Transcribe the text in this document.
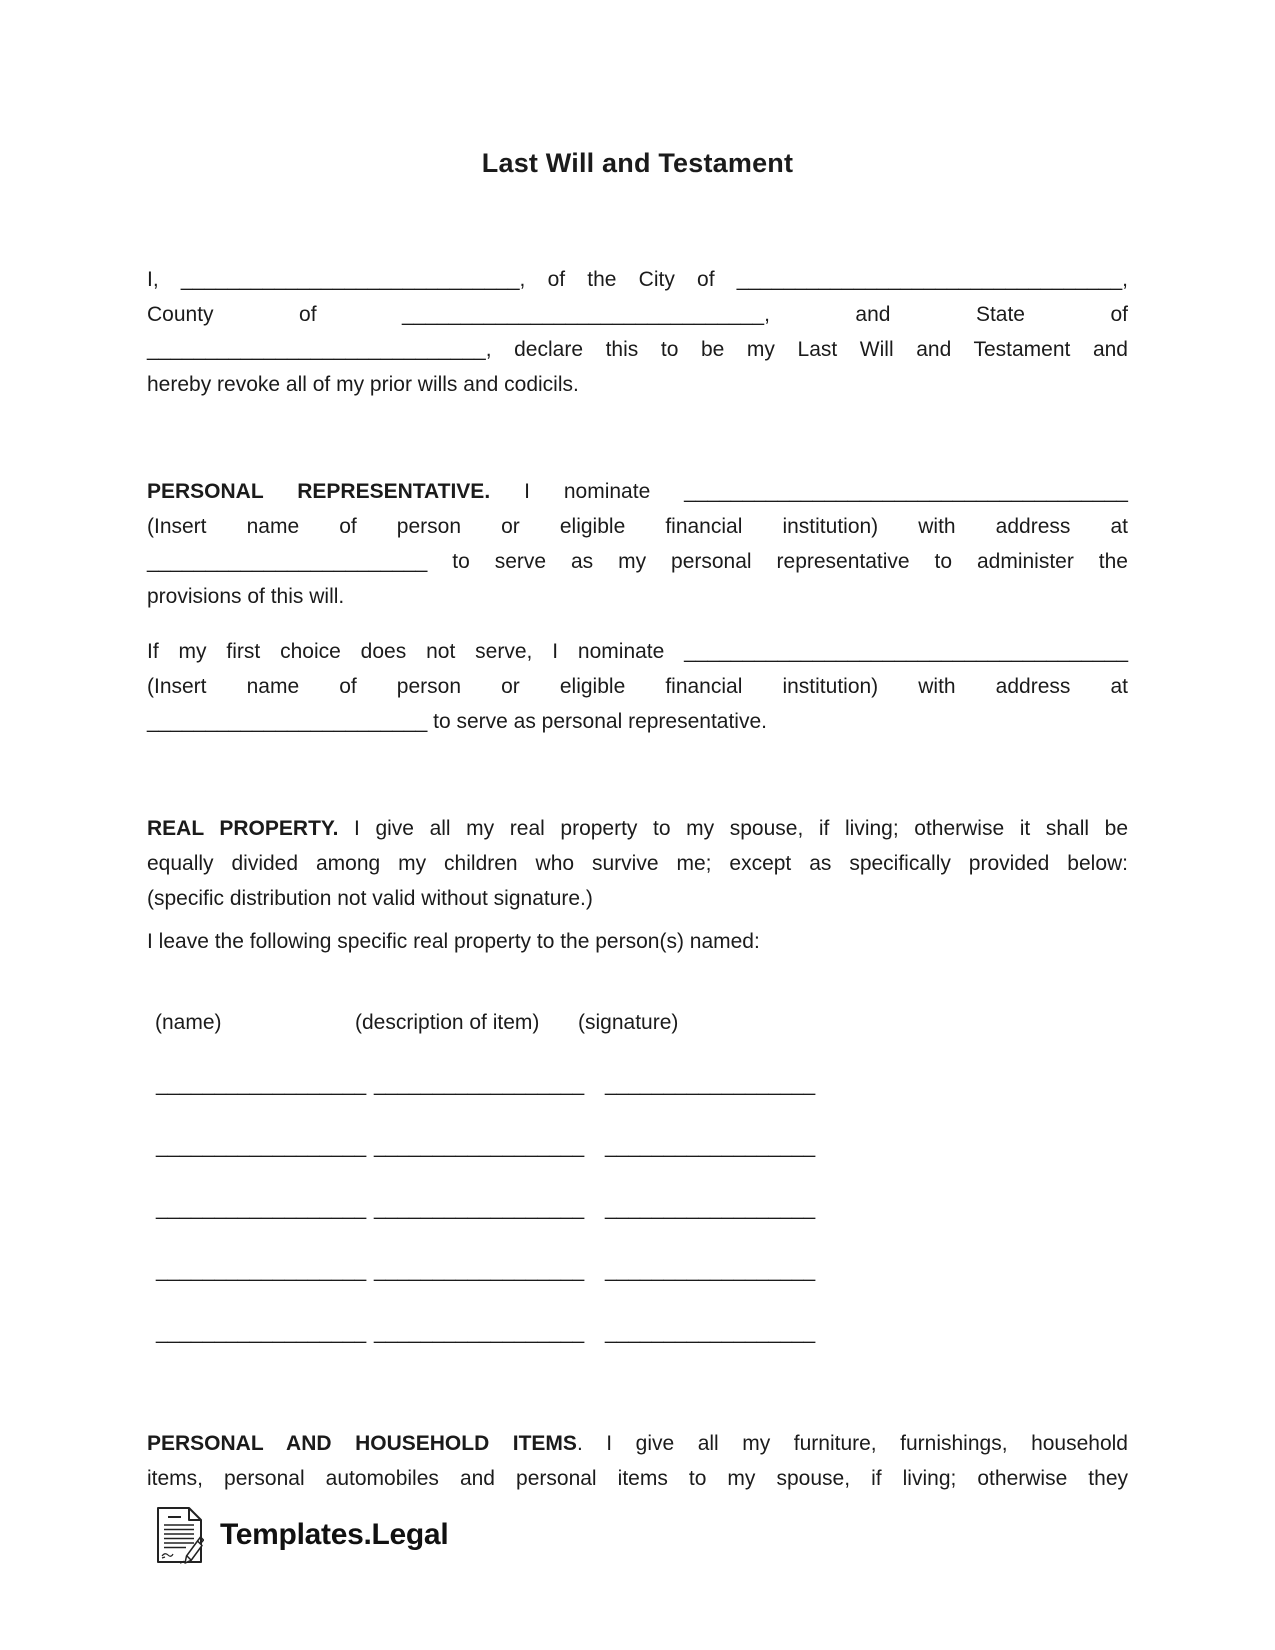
Last Will and Testament
I, _____________________________, of the City of _________________________________,
County of _______________________________, and State of
_____________________________, declare this to be my Last Will and Testament and
hereby revoke all of my prior wills and codicils.
PERSONAL REPRESENTATIVE. I nominate ______________________________________
(Insert name of person or eligible financial institution) with address at
________________________ to serve as my personal representative to administer the
provisions of this will.
If my first choice does not serve, I nominate ______________________________________
(Insert name of person or eligible financial institution) with address at
________________________ to serve as personal representative.
REAL PROPERTY. I give all my real property to my spouse, if living; otherwise it shall be
equally divided among my children who survive me; except as specifically provided below:
(specific distribution not valid without signature.)
I leave the following specific real property to the person(s) named:
(name)	(description of item) (signature)
__________________ __________________ __________________
__________________ __________________ __________________
__________________ __________________ __________________
__________________ __________________ __________________
__________________ __________________ __________________
PERSONAL AND HOUSEHOLD ITEMS. I give all my furniture, furnishings, household
items, personal automobiles and personal items to my spouse, if living; otherwise they
Templates.Legal
